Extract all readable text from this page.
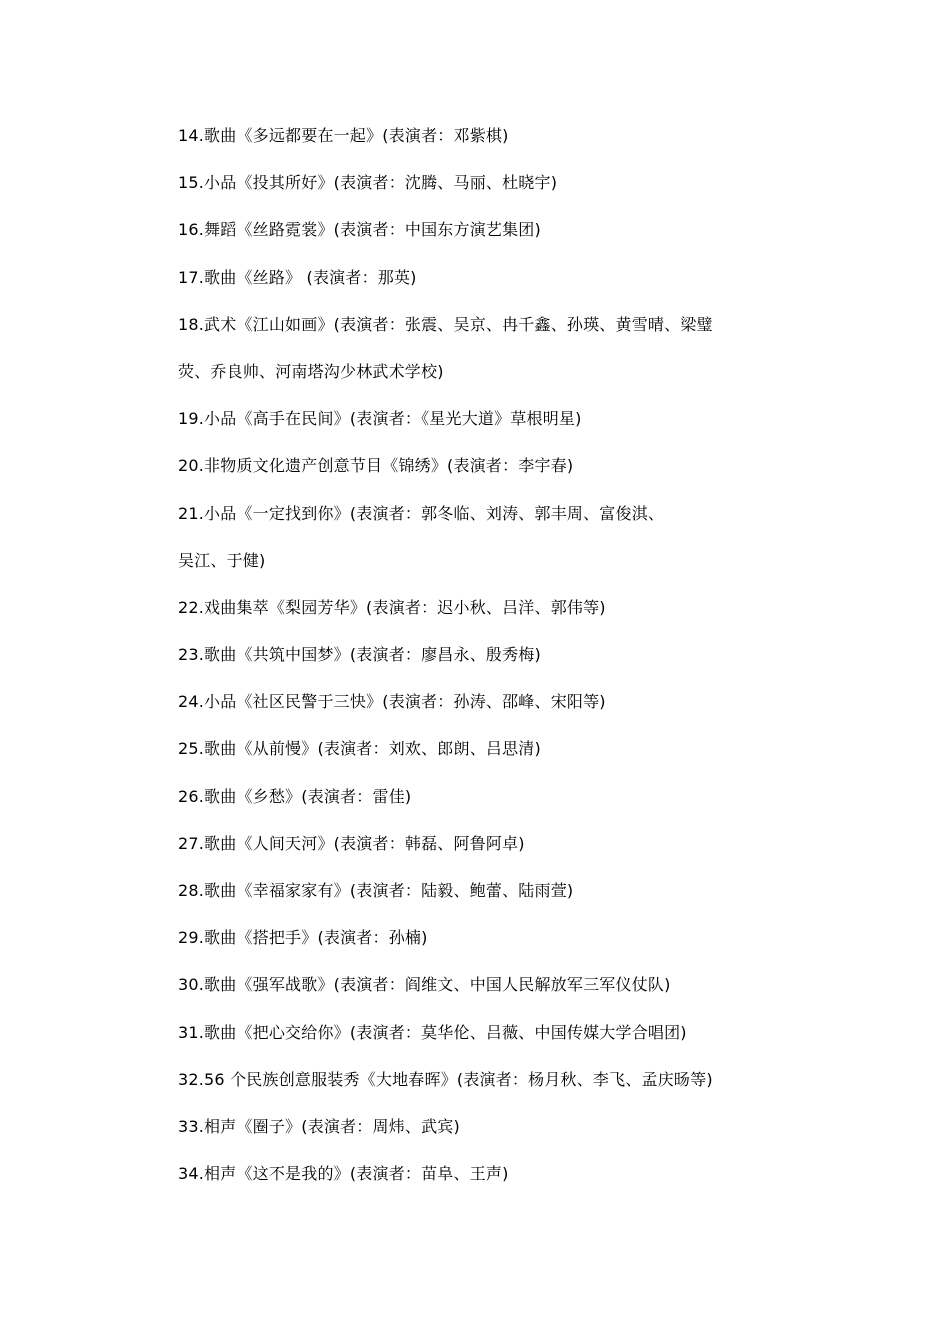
14.歌曲《多远都要在一起》(表演者：邓紫棋)
15.小品《投其所好》(表演者：沈腾、马丽、杜晓宇)
16.舞蹈《丝路霓裳》(表演者：中国东方演艺集团)
17.歌曲《丝路》 (表演者：那英)
18.武术《江山如画》(表演者：张震、吴京、冉千鑫、孙瑛、黄雪晴、梁璧
荧、乔良帅、河南塔沟少林武术学校)
19.小品《高手在民间》(表演者：《星光大道》草根明星)
20.非物质文化遗产创意节目《锦绣》(表演者：李宇春)
21.小品《一定找到你》(表演者：郭冬临、刘涛、郭丰周、富俊淇、
吴江、于健)
22.戏曲集萃《梨园芳华》(表演者：迟小秋、吕洋、郭伟等)
23.歌曲《共筑中国梦》(表演者：廖昌永、殷秀梅)
24.小品《社区民警于三快》(表演者：孙涛、邵峰、宋阳等)
25.歌曲《从前慢》(表演者：刘欢、郎朗、吕思清)
26.歌曲《乡愁》(表演者：雷佳)
27.歌曲《人间天河》(表演者：韩磊、阿鲁阿卓)
28.歌曲《幸福家家有》(表演者：陆毅、鲍蕾、陆雨萱)
29.歌曲《搭把手》(表演者：孙楠)
30.歌曲《强军战歌》(表演者：阎维文、中国人民解放军三军仪仗队)
31.歌曲《把心交给你》(表演者：莫华伦、吕薇、中国传媒大学合唱团)
32.56 个民族创意服装秀《大地春晖》(表演者：杨月秋、李飞、孟庆旸等)
33.相声《圈子》(表演者：周炜、武宾)
34.相声《这不是我的》(表演者：苗阜、王声)
